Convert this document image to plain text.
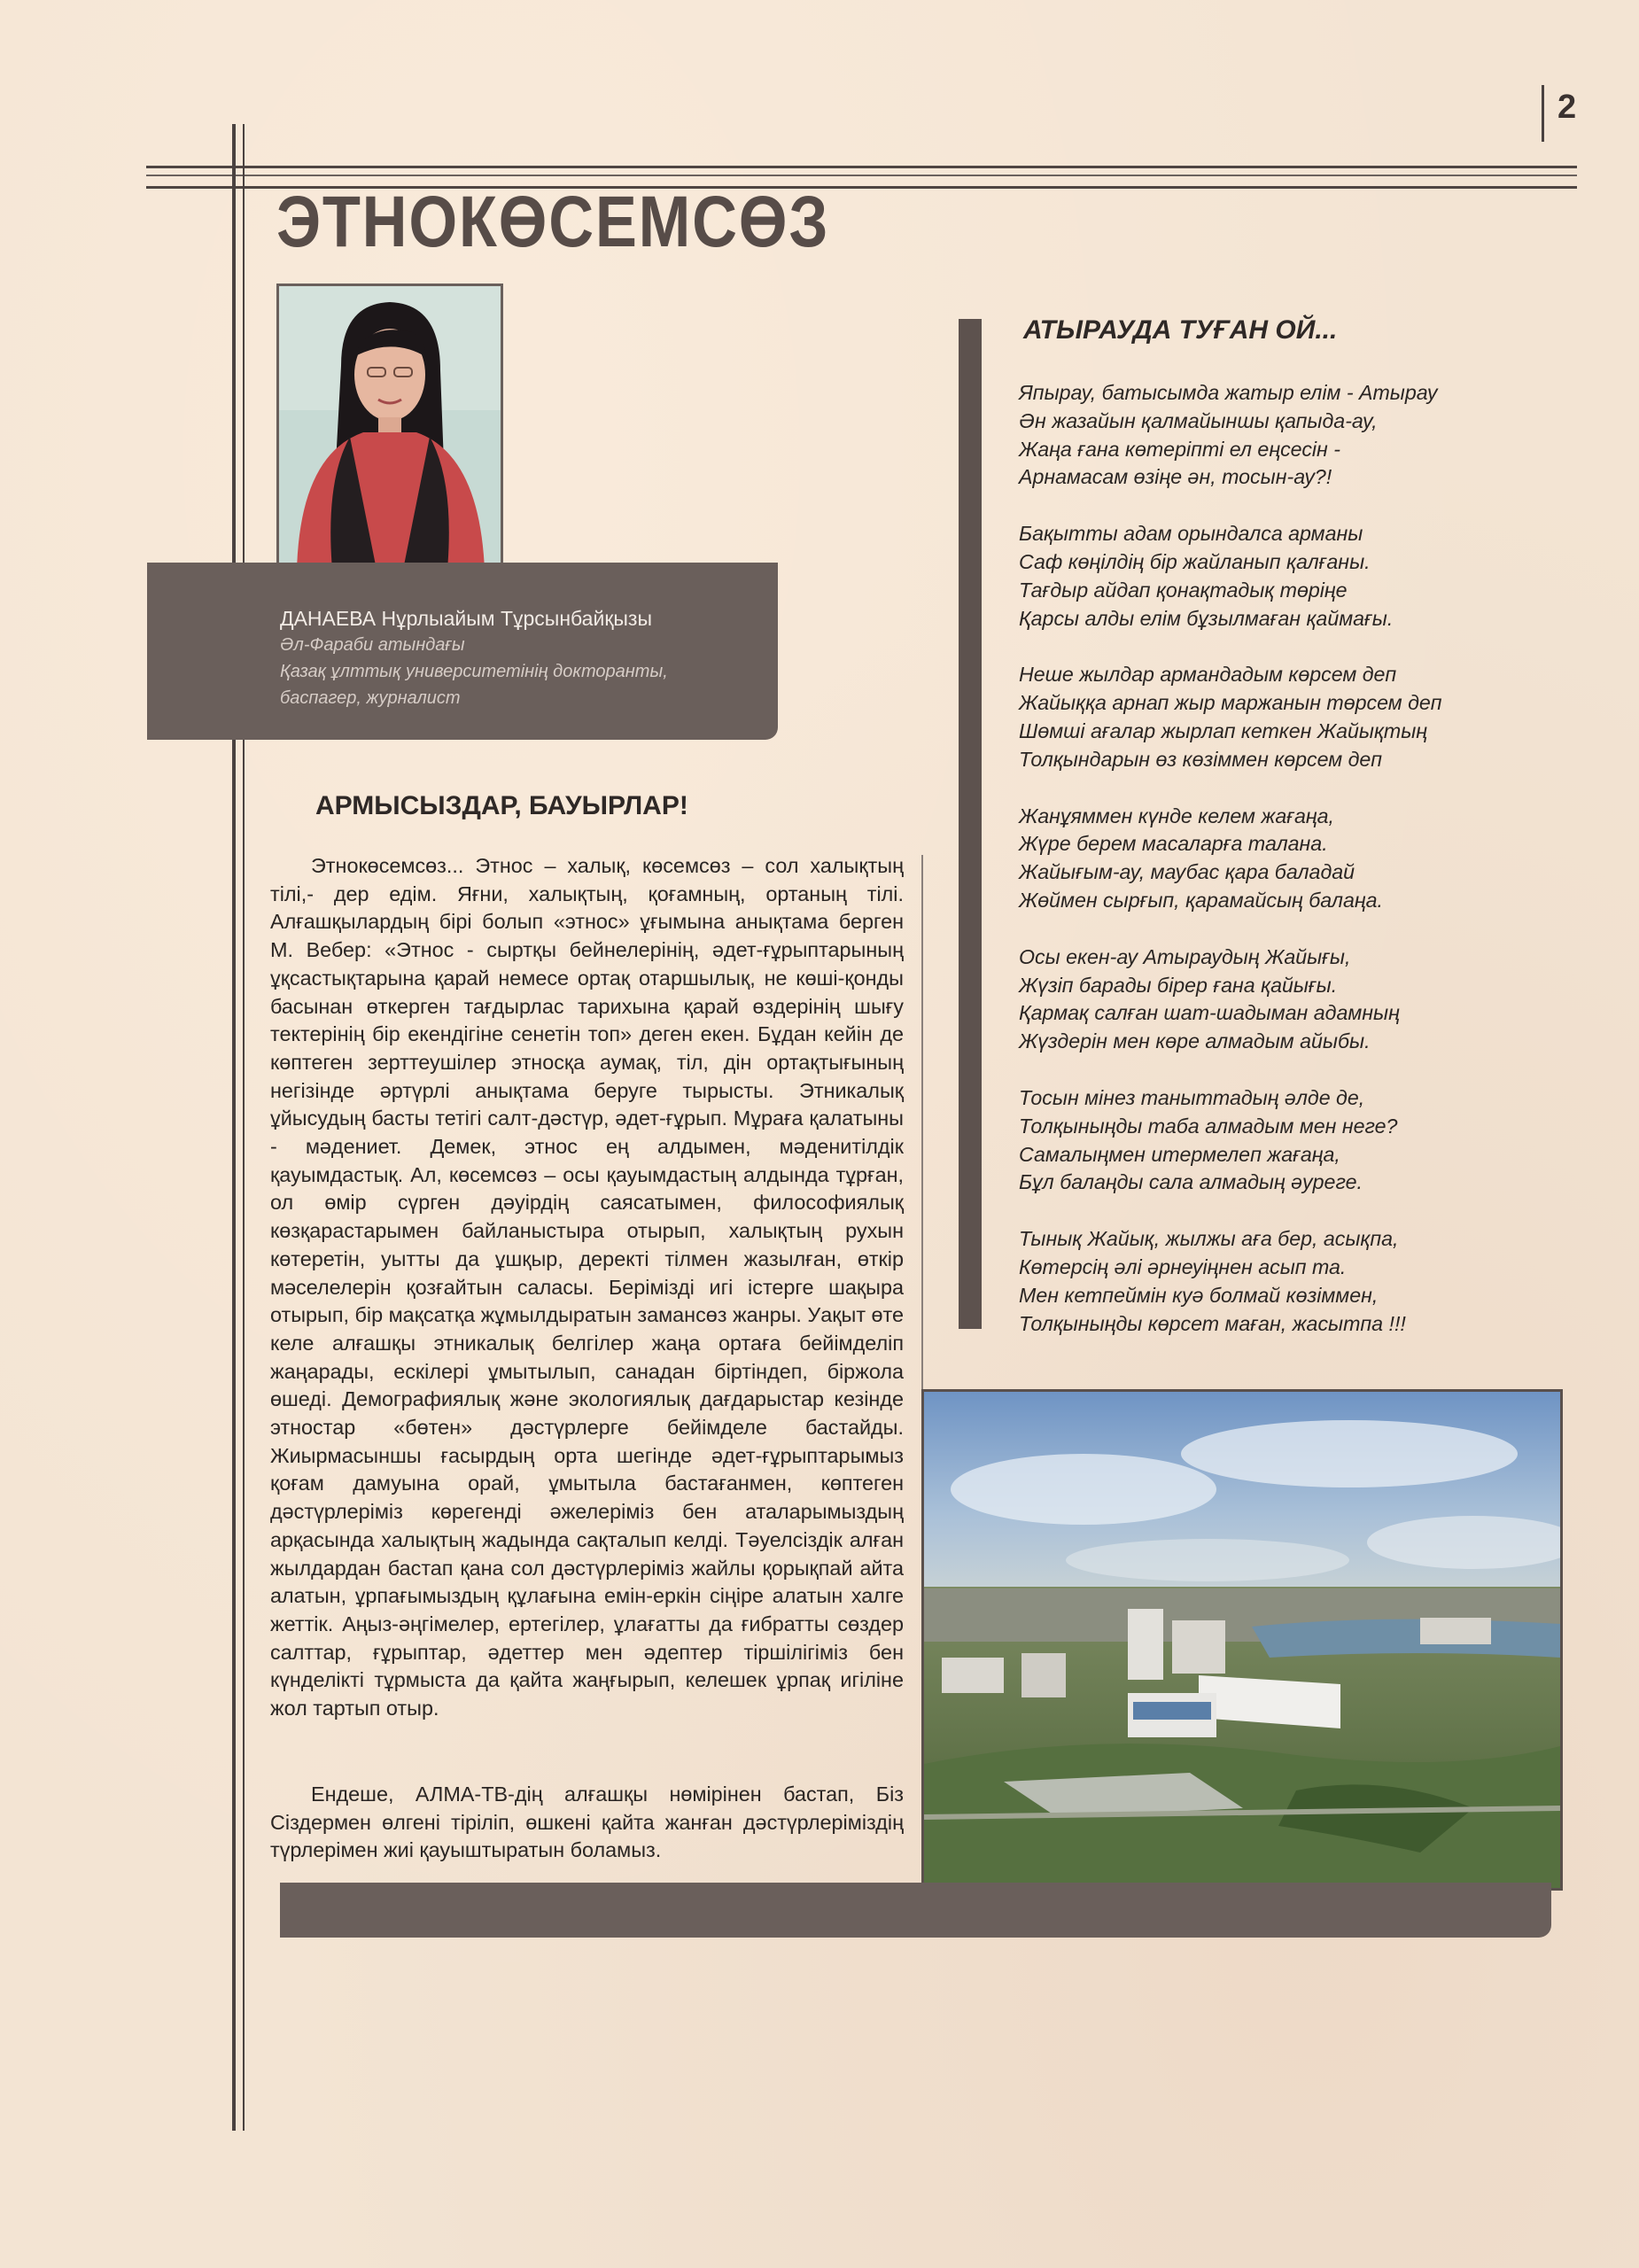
2
ЭТНОКӨСЕМСӨЗ
ДАНАЕВА Нұрлыайым Тұрсынбайқызы
Әл-Фараби атындағы
Қазақ ұлттық университетінің докторанты,
баспагер, журналист
АРМЫСЫЗДАР, БАУЫРЛАР!

Этнокөсемсөз... Этнос – халық, көсемсөз – сол халықтың тілі,- дер едім. Яғни, халықтың, қоғамның, ортаның тілі. Алғашқылардың бірі болып «этнос» ұғымына анықтама берген М. Вебер: «Этнос - сыртқы бейнелерінің, әдет-ғұрыптарының ұқсастықтарына қарай немесе ортақ отаршылық, не көші-қонды басынан өткерген тағдырлас тарихына қарай өздерінің шығу тектерінің бір екендігіне сенетін топ» деген екен. Бұдан кейін де көптеген зерттеушілер этносқа аумақ, тіл, дін ортақтығының негізінде әртүрлі анықтама беруге тырысты. Этникалық ұйысудың басты тетігі салт-дәстүр, әдет-ғұрып. Мұраға қалатыны - мәдениет. Демек, этнос ең алдымен, мәденитілдік қауымдастық. Ал, көсемсөз – осы қауымдастың алдында тұрған, ол өмір сүрген дәуірдің саясатымен, философиялық көзқарастарымен байланыстыра отырып, халықтың рухын көтеретін, уытты да ұшқыр, деректі тілмен жазылған, өткір мәселелерін қозғайтын саласы. Берімізді игі істерге шақыра отырып, бір мақсатқа жұмылдыратын замансөз жанры. Уақыт өте келе алғашқы этникалық белгілер жаңа ортаға бейімделіп жаңарады, ескілері ұмытылып, санадан біртіндеп, біржола өшеді. Демографиялық және экологиялық дағдарыстар кезінде этностар «бөтен» дәстүрлерге бейімделе бастайды. Жиырмасыншы ғасырдың орта шегінде әдет-ғұрыптарымыз қоғам дамуына орай, ұмытыла бастағанмен, көптеген дәстүрлеріміз көрегенді әжелеріміз бен аталарымыздың арқасында халықтың жадында сақталып келді. Тәуелсіздік алған жылдардан бастап қана сол дәстүрлеріміз жайлы қорықпай айта алатын, ұрпағымыздың құлағына емін-еркін сіңіре алатын халге жеттік. Аңыз-әңгімелер, ертегілер, ұлағатты да ғибратты сөздер салттар, ғұрыптар, әдеттер мен әдептер тіршілігіміз бен күнделікті тұрмыста да қайта жаңғырып, келешек ұрпақ игіліне жол тартып отыр.

Ендеше, АЛМА-ТВ-дің алғашқы нөмірінен бастап, Біз Сіздермен өлгені тіріліп, өшкені қайта жанған дәстүрлеріміздің түрлерімен жиі қауыштыратын боламыз.

АТЫРАУДА ТУҒАН ОЙ...
Япырау, батысымда жатыр елім - Атырау
Ән жазайын қалмайыншы қапыда-ау,
Жаңа ғана көтеріпті ел еңсесін -
Арнамасам өзіңе ән, тосын-ау?!
Бақытты адам орындалса арманы
Саф көңілдің бір жайланып қалғаны.
Тағдыр айдап қонақтадық төріңе
Қарсы алды елім бұзылмаған қаймағы.
Неше жылдар армандадым көрсем деп
Жайыққа арнап жыр маржанын төрсем деп
Шөмші ағалар жырлап кеткен Жайықтың
Толқындарын өз көзіммен көрсем деп
Жанұяммен күнде келем жағаңа,
Жүре берем масаларға талана.
Жайығым-ау, маубас қара баладай
Жөймен сырғып, қарамайсың балаңа.
Осы екен-ау Атыраудың Жайығы,
Жүзіп барады бірер ғана қайығы.
Қармақ салған шат-шадыман адамның
Жүздерін мен көре алмадым айыбы.
Тосын мінез таныттадың әлде де,
Толқыныңды таба алмадым мен неге?
Самалыңмен итермелеп жағаңа,
Бұл балаңды сала алмадың әуреге.
Тынық Жайық, жылжы аға бер, асықпа,
Көтерсің әлі әрнеуіңнен асып та.
Мен кетпеймін куә болмай көзіммен,
Толқыныңды көрсет маған, жасытпа !!!
